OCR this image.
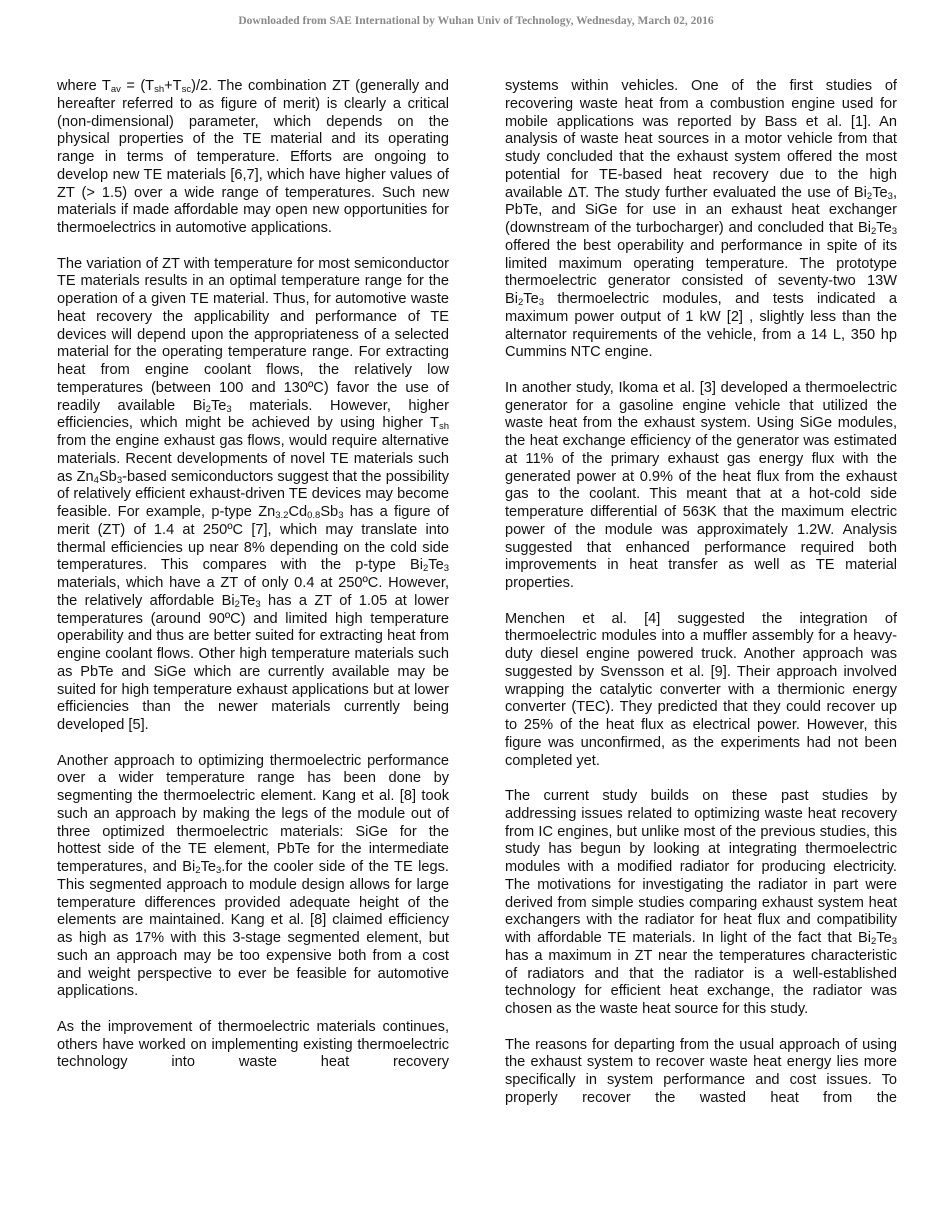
Downloaded from SAE International by Wuhan Univ of Technology, Wednesday, March 02, 2016

where $T_{av} = (T_{sh}+T_{sc})/2$. The combination ZT (generally and hereafter referred to as figure of merit) is clearly a critical (non-dimensional) parameter, which depends on the physical properties of the TE material and its operating range in terms of temperature. Efforts are ongoing to develop new TE materials [6,7], which have higher values of ZT (> 1.5) over a wide range of temperatures. Such new materials if made affordable may open new opportunities for thermoelectrics in automotive applications.

The variation of ZT with temperature for most semiconductor TE materials results in an optimal temperature range for the operation of a given TE material. Thus, for automotive waste heat recovery the applicability and performance of TE devices will depend upon the appropriateness of a selected material for the operating temperature range. For extracting heat from engine coolant flows, the relatively low temperatures (between 100 and 130ºC) favor the use of readily available $Bi_2Te_3$ materials. However, higher efficiencies, which might be achieved by using higher $T_{sh}$ from the engine exhaust gas flows, would require alternative materials. Recent developments of novel TE materials such as $Zn_4Sb_3$-based semiconductors suggest that the possibility of relatively efficient exhaust-driven TE devices may become feasible. For example, p-type $Zn_{3.2}Cd_{0.8}Sb_3$ has a figure of merit (ZT) of 1.4 at 250ºC [7], which may translate into thermal efficiencies up near 8% depending on the cold side temperatures. This compares with the p-type $Bi_2Te_3$ materials, which have a ZT of only 0.4 at 250ºC. However, the relatively affordable $Bi_2Te_3$ has a ZT of 1.05 at lower temperatures (around 90ºC) and limited high temperature operability and thus are better suited for extracting heat from engine coolant flows. Other high temperature materials such as PbTe and SiGe which are currently available may be suited for high temperature exhaust applications but at lower efficiencies than the newer materials currently being developed [5].

Another approach to optimizing thermoelectric performance over a wider temperature range has been done by segmenting the thermoelectric element. Kang et al. [8] took such an approach by making the legs of the module out of three optimized thermoelectric materials: SiGe for the hottest side of the TE element, PbTe for the intermediate temperatures, and $Bi_2Te_3.for$ the cooler side of the TE legs. This segmented approach to module design allows for large temperature differences provided adequate height of the elements are maintained. Kang et al. [8] claimed efficiency as high as 17% with this 3-stage segmented element, but such an approach may be too expensive both from a cost and weight perspective to ever be feasible for automotive applications.

As the improvement of thermoelectric materials continues, others have worked on implementing existing thermoelectric technology into waste heat recovery

systems within vehicles. One of the first studies of recovering waste heat from a combustion engine used for mobile applications was reported by Bass et al. [1]. An analysis of waste heat sources in a motor vehicle from that study concluded that the exhaust system offered the most potential for TE-based heat recovery due to the high available ΔT. The study further evaluated the use of $Bi_2Te_3$, PbTe, and SiGe for use in an exhaust heat exchanger (downstream of the turbocharger) and concluded that $Bi_2Te_3$ offered the best operability and performance in spite of its limited maximum operating temperature. The prototype thermoelectric generator consisted of seventy-two 13W $Bi_2Te_3$ thermoelectric modules, and tests indicated a maximum power output of 1 kW [2] , slightly less than the alternator requirements of the vehicle, from a 14 L, 350 hp Cummins NTC engine.

In another study, Ikoma et al. [3] developed a thermoelectric generator for a gasoline engine vehicle that utilized the waste heat from the exhaust system. Using SiGe modules, the heat exchange efficiency of the generator was estimated at 11% of the primary exhaust gas energy flux with the generated power at 0.9% of the heat flux from the exhaust gas to the coolant. This meant that at a hot-cold side temperature differential of 563K that the maximum electric power of the module was approximately 1.2W. Analysis suggested that enhanced performance required both improvements in heat transfer as well as TE material properties.

Menchen et al. [4] suggested the integration of thermoelectric modules into a muffler assembly for a heavy-duty diesel engine powered truck. Another approach was suggested by Svensson et al. [9]. Their approach involved wrapping the catalytic converter with a thermionic energy converter (TEC). They predicted that they could recover up to 25% of the heat flux as electrical power. However, this figure was unconfirmed, as the experiments had not been completed yet.

The current study builds on these past studies by addressing issues related to optimizing waste heat recovery from IC engines, but unlike most of the previous studies, this study has begun by looking at integrating thermoelectric modules with a modified radiator for producing electricity. The motivations for investigating the radiator in part were derived from simple studies comparing exhaust system heat exchangers with the radiator for heat flux and compatibility with affordable TE materials. In light of the fact that $Bi_2Te_3$ has a maximum in ZT near the temperatures characteristic of radiators and that the radiator is a well-established technology for efficient heat exchange, the radiator was chosen as the waste heat source for this study.

The reasons for departing from the usual approach of using the exhaust system to recover waste heat energy lies more specifically in system performance and cost issues. To properly recover the wasted heat from the
